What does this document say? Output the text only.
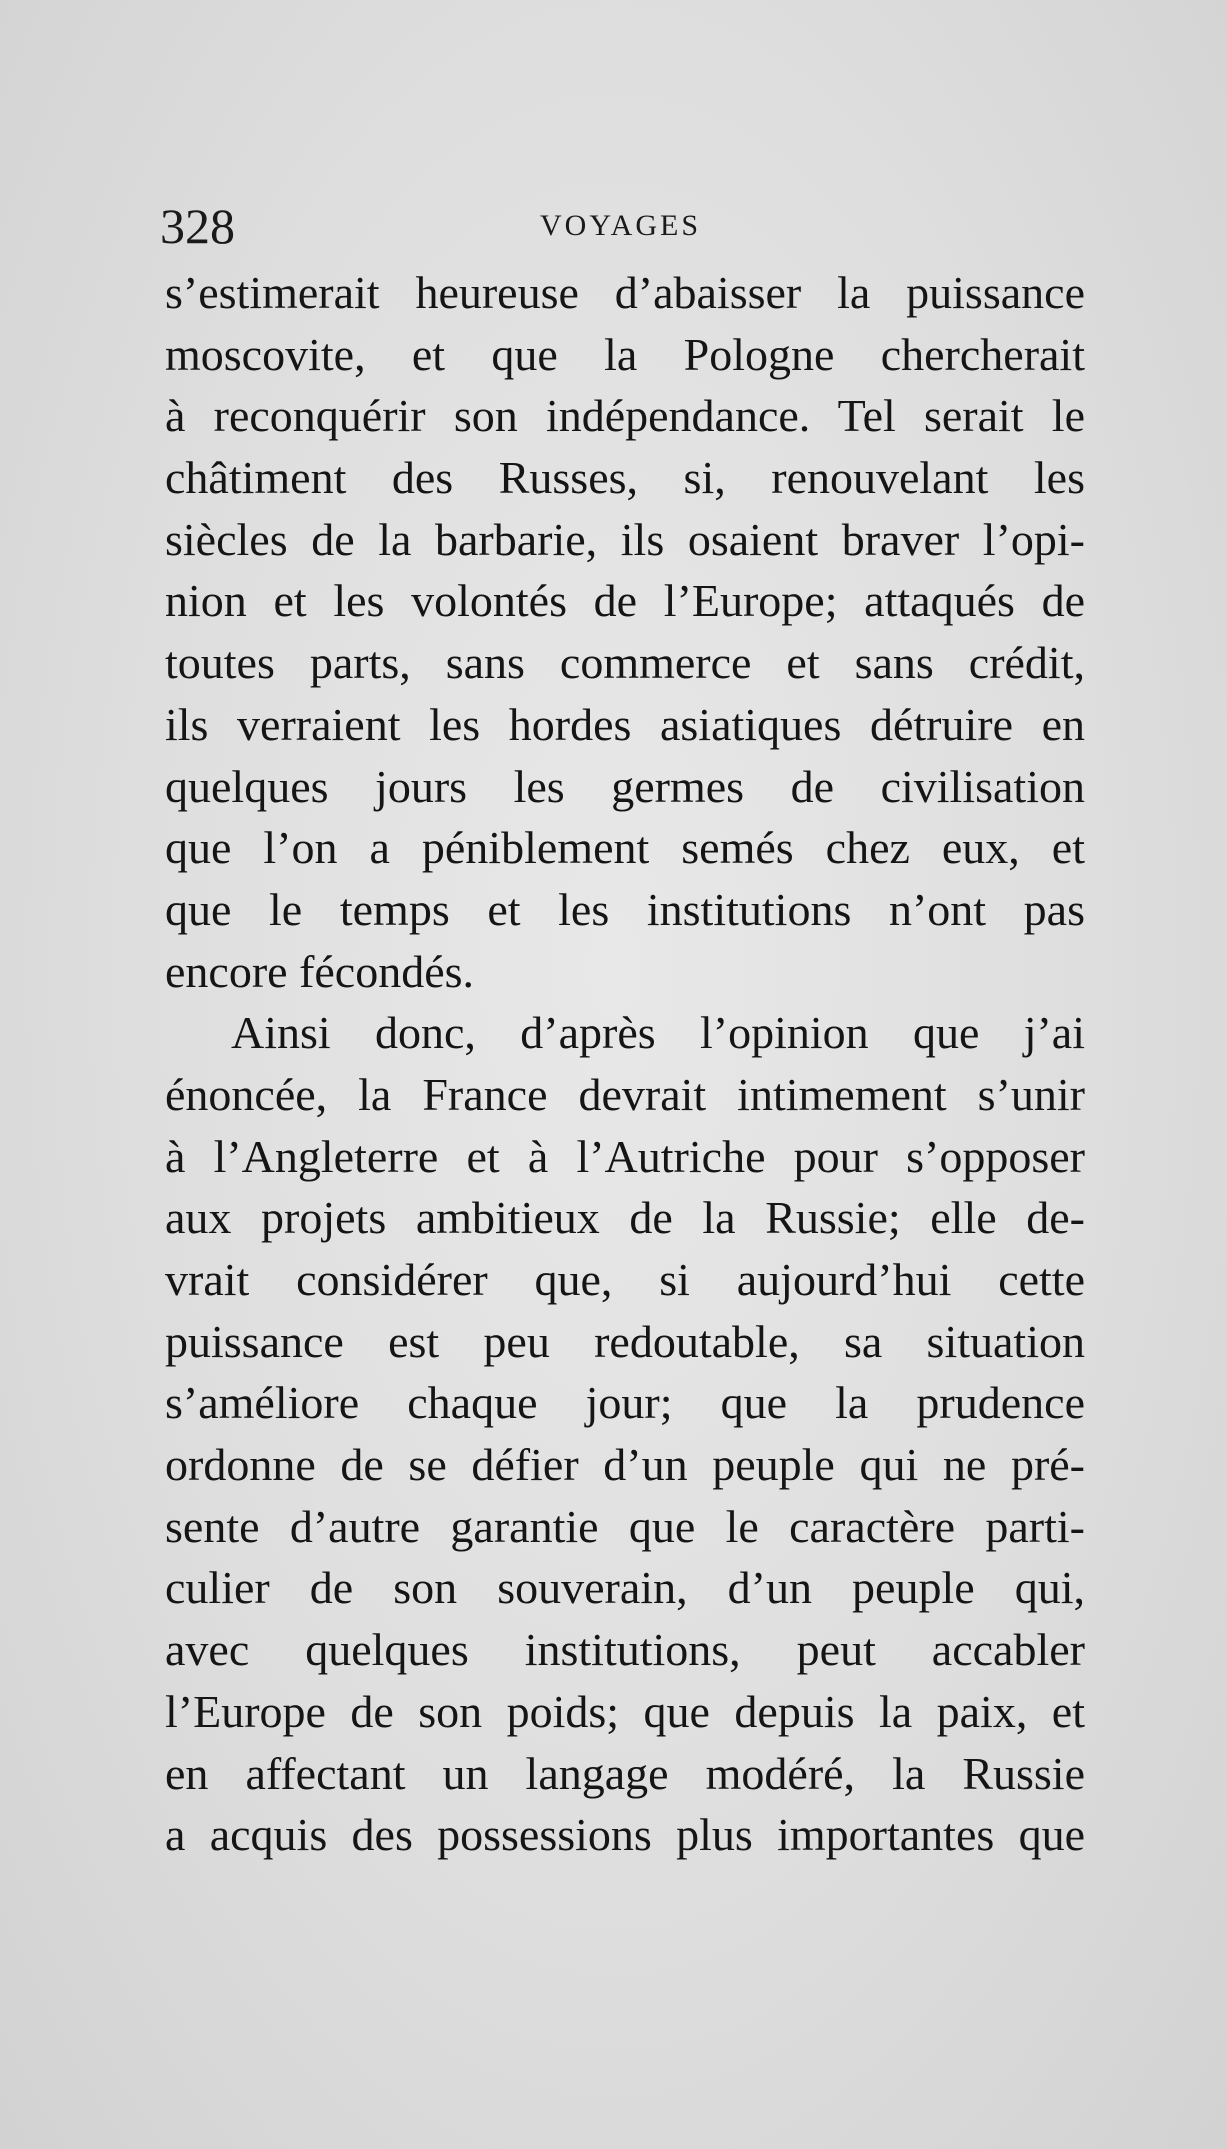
328	VOYAGES
s’estimerait heureuse d’abaisser la puissance
moscovite, et que la Pologne chercherait
à reconquérir son indépendance. Tel serait le
châtiment des Russes, si, renouvelant les
siècles de la barbarie, ils osaient braver l’opi-
nion et les volontés de l’Europe; attaqués de
toutes parts, sans commerce et sans crédit,
ils verraient les hordes asiatiques détruire en
quelques jours les germes de civilisation
que l’on a péniblement semés chez eux, et
que le temps et les institutions n’ont pas
encore fécondés.
Ainsi donc, d’après l’opinion que j’ai
énoncée, la France devrait intimement s’unir
à l’Angleterre et à l’Autriche pour s’opposer
aux projets ambitieux de la Russie; elle de-
vrait considérer que, si aujourd’hui cette
puissance est peu redoutable, sa situation
s’améliore chaque jour; que la prudence
ordonne de se défier d’un peuple qui ne pré-
sente d’autre garantie que le caractère parti-
culier de son souverain, d’un peuple qui,
avec quelques institutions, peut accabler
l’Europe de son poids; que depuis la paix, et
en affectant un langage modéré, la Russie
a acquis des possessions plus importantes que
